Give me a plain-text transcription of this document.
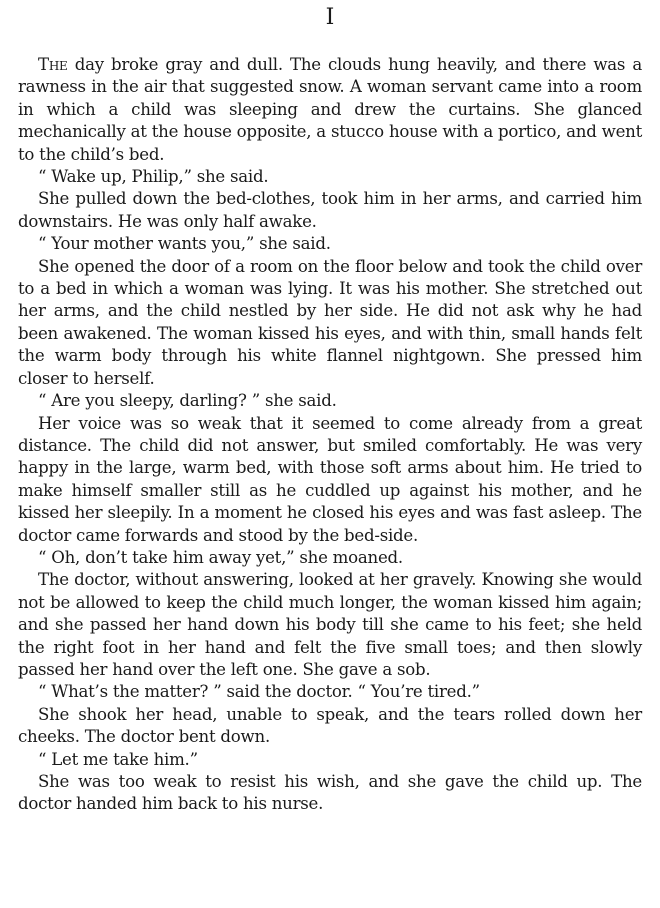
I

The day broke gray and dull. The clouds hung heavily, and there was a rawness in the air that suggested snow. A woman servant came into a room in which a child was sleeping and drew the curtains. She glanced mechanically at the house opposite, a stucco house with a portico, and went to the child’s bed.

“ Wake up, Philip,” she said.

She pulled down the bed-clothes, took him in her arms, and carried him downstairs. He was only half awake.

“ Your mother wants you,” she said.

She opened the door of a room on the floor below and took the child over to a bed in which a woman was lying. It was his mother. She stretched out her arms, and the child nestled by her side. He did not ask why he had been awakened. The woman kissed his eyes, and with thin, small hands felt the warm body through his white flannel nightgown. She pressed him closer to herself.

“ Are you sleepy, darling? ” she said.

Her voice was so weak that it seemed to come already from a great distance. The child did not answer, but smiled comfortably. He was very happy in the large, warm bed, with those soft arms about him. He tried to make himself smaller still as he cuddled up against his mother, and he kissed her sleepily. In a moment he closed his eyes and was fast asleep. The doctor came forwards and stood by the bed-side.

“ Oh, don’t take him away yet,” she moaned.

The doctor, without answering, looked at her gravely. Knowing she would not be allowed to keep the child much longer, the woman kissed him again; and she passed her hand down his body till she came to his feet; she held the right foot in her hand and felt the five small toes; and then slowly passed her hand over the left one. She gave a sob.

“ What’s the matter? ” said the doctor. “ You’re tired.”

She shook her head, unable to speak, and the tears rolled down her cheeks. The doctor bent down.

“ Let me take him.”

She was too weak to resist his wish, and she gave the child up. The doctor handed him back to his nurse.
